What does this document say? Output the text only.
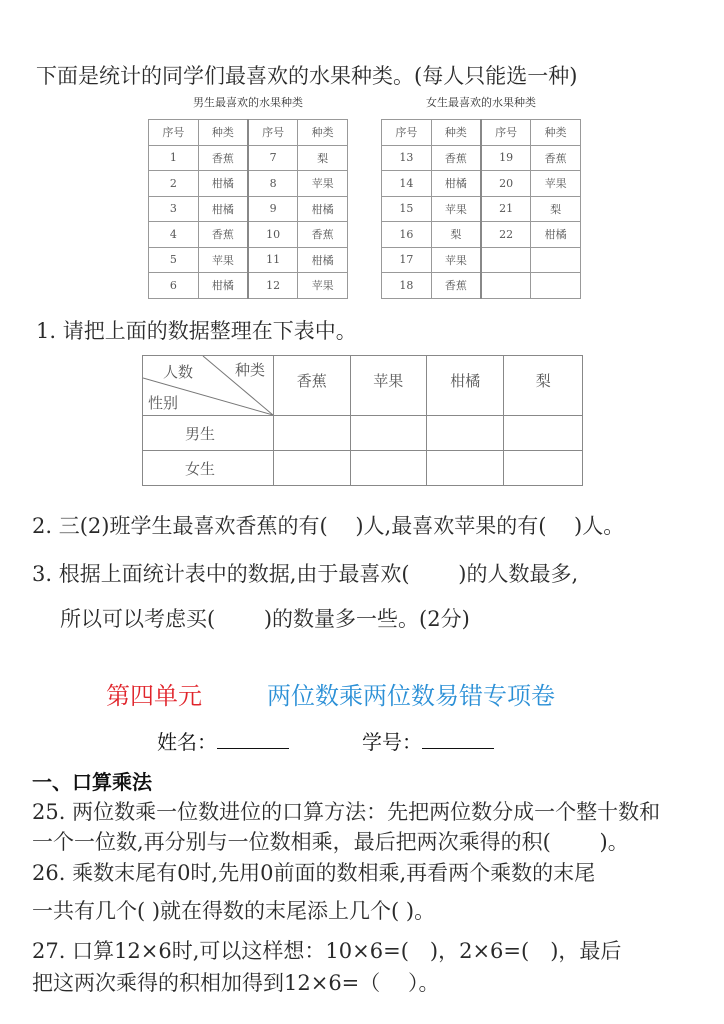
下面是统计的同学们最喜欢的水果种类。(每人只能选一种)
男生最喜欢的水果种类
序号	种类	序号	种类
1	香蕉	7	梨
2	柑橘	8	苹果
3	柑橘	9	柑橘
4	香蕉	10	香蕉
5	苹果	11	柑橘
6	柑橘	12	苹果
女生最喜欢的水果种类
序号	种类	序号	种类
13	香蕉	19	香蕉
14	柑橘	20	苹果
15	苹果	21	梨
16	梨	22	柑橘
17	苹果		
18	香蕉		
1. 请把上面的数据整理在下表中。
种类
人数
性别	香蕉	苹果	柑橘	梨
男生				
女生				
2. 三(2)班学生最喜欢香蕉的有(　 )人,最喜欢苹果的有(　 )人。
3. 根据上面统计表中的数据,由于最喜欢(　　 )的人数最多,
所以可以考虑买(　　 )的数量多一些。(2分)
第四单元	两位数乘两位数易错专项卷
姓名：	学号：
一、口算乘法
25. 两位数乘一位数进位的口算方法：先把两位数分成一个整十数和
一个一位数,再分别与一位数相乘，最后把两次乘得的积(　　 )。
26. 乘数末尾有0时,先用0前面的数相乘,再看两个乘数的末尾
一共有几个( )就在得数的末尾添上几个( )。
27. 口算12×6时,可以这样想：10×6=(　)，2×6=(　)，最后
把这两次乘得的积相加得到12×6=（　 ）。
